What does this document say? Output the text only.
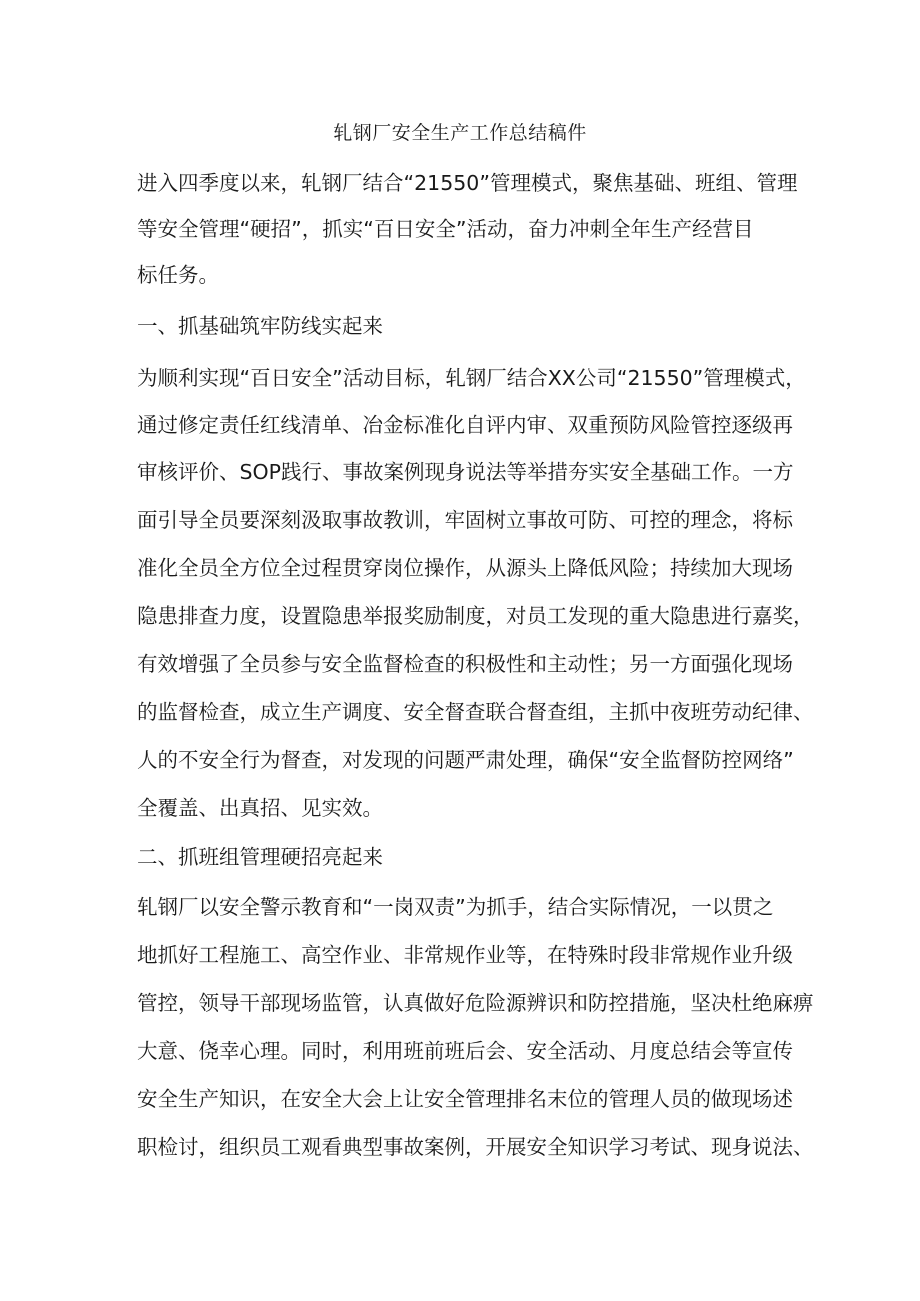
轧钢厂安全生产工作总结稿件
进入四季度以来，轧钢厂结合“21550”管理模式，聚焦基础、班组、管理
等安全管理“硬招”，抓实“百日安全”活动，奋力冲刺全年生产经营目
标任务。
一、抓基础筑牢防线实起来
为顺利实现“百日安全”活动目标，轧钢厂结合XX公司“21550”管理模式，
通过修定责任红线清单、冶金标准化自评内审、双重预防风险管控逐级再
审核评价、SOP践行、事故案例现身说法等举措夯实安全基础工作。一方
面引导全员要深刻汲取事故教训，牢固树立事故可防、可控的理念，将标
准化全员全方位全过程贯穿岗位操作，从源头上降低风险；持续加大现场
隐患排查力度，设置隐患举报奖励制度，对员工发现的重大隐患进行嘉奖，
有效增强了全员参与安全监督检查的积极性和主动性；另一方面强化现场
的监督检查，成立生产调度、安全督查联合督查组，主抓中夜班劳动纪律、
人的不安全行为督查，对发现的问题严肃处理，确保“安全监督防控网络”
全覆盖、出真招、见实效。
二、抓班组管理硬招亮起来
轧钢厂以安全警示教育和“一岗双责”为抓手，结合实际情况，一以贯之
地抓好工程施工、高空作业、非常规作业等，在特殊时段非常规作业升级
管控，领导干部现场监管，认真做好危险源辨识和防控措施，坚决杜绝麻痹
大意、侥幸心理。同时，利用班前班后会、安全活动、月度总结会等宣传
安全生产知识，在安全大会上让安全管理排名末位的管理人员的做现场述
职检讨，组织员工观看典型事故案例，开展安全知识学习考试、现身说法、
